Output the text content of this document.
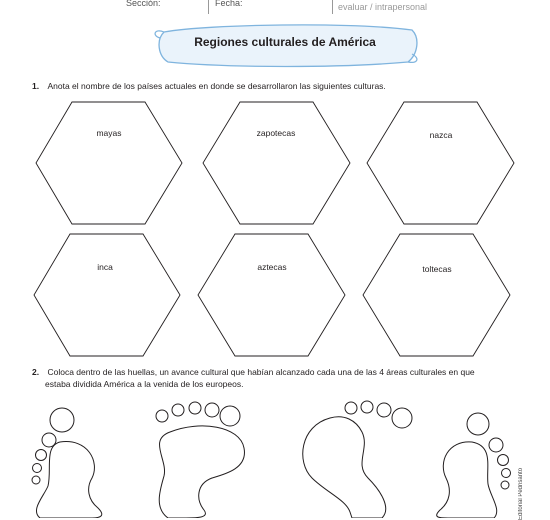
Sección:	Fecha:	evaluar / intrapersonal
Regiones culturales de América
1. Anota el nombre de los países actuales en donde se desarrollaron las siguientes culturas.
mayas	zapotecas	nazca
inca	aztecas	toltecas
2. Coloca dentro de las huellas, un avance cultural que habían alcanzado cada una de las 4 áreas culturales en que
estaba dividida América a la venida de los europeos.
Editorial Pedrisanto
